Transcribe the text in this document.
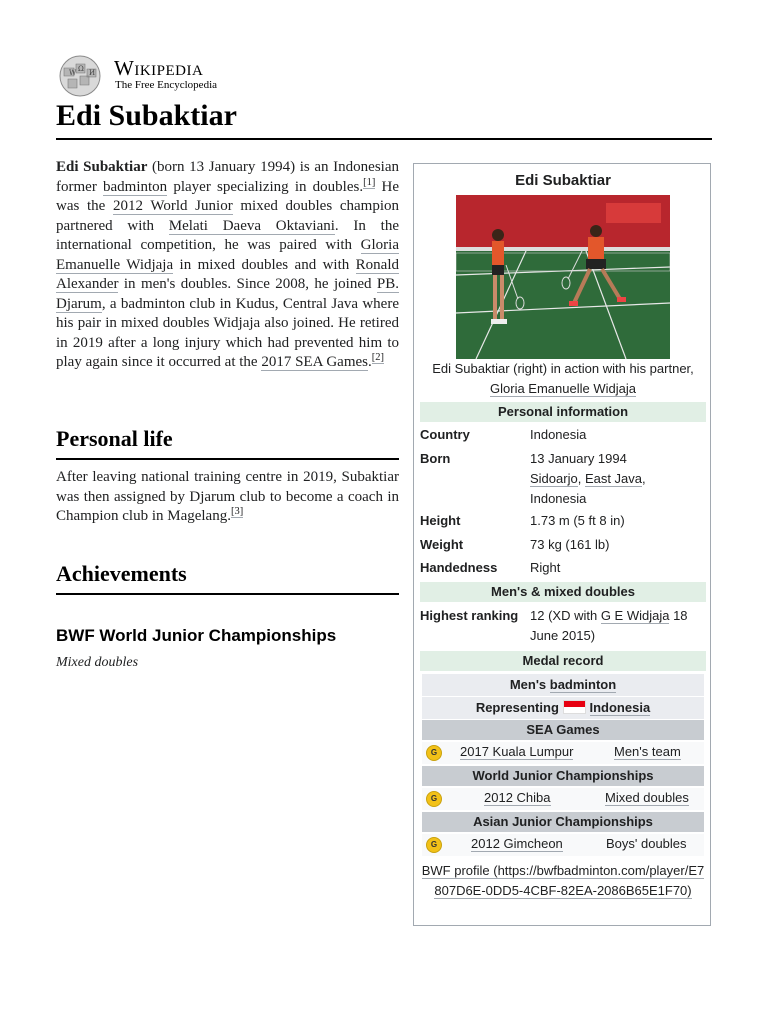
W Ω И Wikipedia
The Free Encyclopedia
Edi Subaktiar

Edi Subaktiar (born 13 January 1994) is an Indonesian former badminton player specializing in doubles.[1] He was the 2012 World Junior mixed doubles champion partnered with Melati Daeva Oktaviani. In the international competition, he was paired with Gloria Emanuelle Widjaja in mixed doubles and with Ronald Alexander in men's doubles. Since 2008, he joined PB. Djarum, a badminton club in Kudus, Central Java where his pair in mixed doubles Widjaja also joined. He retired in 2019 after a long injury which had prevented him to play again since it occurred at the 2017 SEA Games.[2]

Personal life

After leaving national training centre in 2019, Subaktiar was then assigned by Djarum club to become a coach in Champion club in Magelang.[3]

Achievements
BWF World Junior Championships
Mixed doubles
Edi Subaktiar
Edi Subaktiar (right) in action with his partner, Gloria Emanuelle Widjaja
Personal information
Country	Indonesia
Born	13 January 1994
Sidoarjo, East Java,
Indonesia
Height	1.73 m (5 ft 8 in)
Weight	73 kg (161 lb)
Handedness	Right
Men's & mixed doubles
Highest ranking 12 (XD with G E Widjaja 18 June 2015)
Medal record
Men's badminton
Representing Indonesia
SEA Games
G	2017 Kuala Lumpur	Men's team
World Junior Championships
G	2012 Chiba	Mixed doubles
Asian Junior Championships
G	2012 Gimcheon	Boys' doubles
BWF profile (https://bwfbadminton.com/player/E7807D6E-0DD5-4CBF-82EA-2086B65E1F70)
